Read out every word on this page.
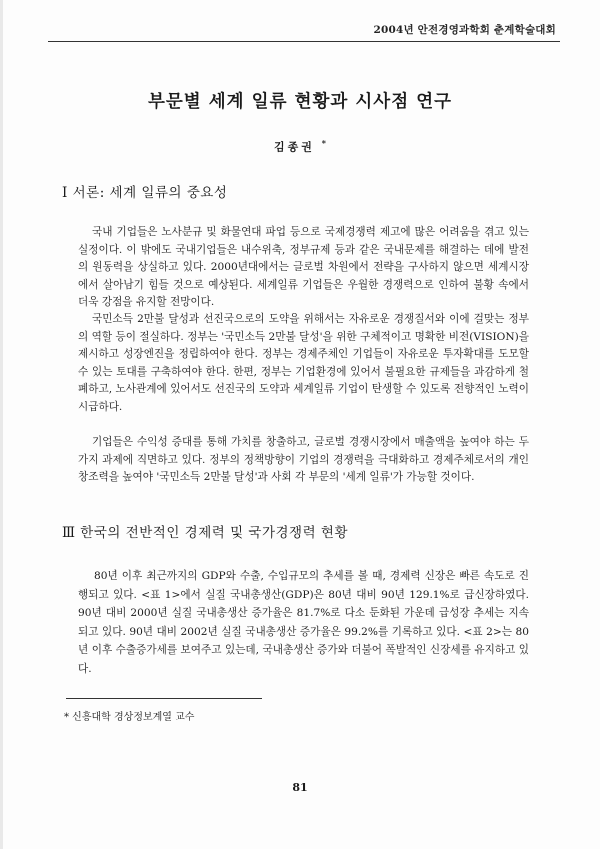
2004년 안전경영과학회 춘계학술대회
부문별 세계 일류 현황과 시사점 연구
김종권 *
Ⅰ 서론: 세계 일류의 중요성

국내 기업들은 노사분규 및 화물연대 파업 등으로 국제경쟁력 제고에 많은 어려움을 겪고 있는 실정이다. 이 밖에도 국내기업들은 내수위축, 정부규제 등과 같은 국내문제를 해결하는 데에 발전의 원동력을 상실하고 있다. 2000년대에서는 글로벌 차원에서 전략을 구사하지 않으면 세계시장에서 살아남기 힘들 것으로 예상된다. 세계일류 기업들은 우월한 경쟁력으로 인하여 불황 속에서 더욱 강점을 유지할 전망이다.

국민소득 2만불 달성과 선진국으로의 도약을 위해서는 자유로운 경쟁질서와 이에 걸맞는 정부의 역할 등이 절실하다. 정부는 '국민소득 2만불 달성'을 위한 구체적이고 명확한 비전(VISION)을 제시하고 성장엔진을 정립하여야 한다. 정부는 경제주체인 기업들이 자유로운 투자확대를 도모할 수 있는 토대를 구축하여야 한다. 한편, 정부는 기업환경에 있어서 불필요한 규제들을 과감하게 철폐하고, 노사관계에 있어서도 선진국의 도약과 세계일류 기업이 탄생할 수 있도록 전향적인 노력이 시급하다.

기업들은 수익성 증대를 통해 가치를 창출하고, 글로벌 경쟁시장에서 매출액을 높여야 하는 두 가지 과제에 직면하고 있다. 정부의 정책방향이 기업의 경쟁력을 극대화하고 경제주체로서의 개인 창조력을 높여야 '국민소득 2만불 달성'과 사회 각 부문의 '세계 일류'가 가능할 것이다.

Ⅲ 한국의 전반적인 경제력 및 국가경쟁력 현황

80년 이후 최근까지의 GDP와 수출, 수입규모의 추세를 볼 때, 경제력 신장은 빠른 속도로 진행되고 있다. <표 1>에서 실질 국내총생산(GDP)은 80년 대비 90년 129.1%로 급신장하였다. 90년 대비 2000년 실질 국내총생산 증가율은 81.7%로 다소 둔화된 가운데 급성장 추세는 지속되고 있다. 90년 대비 2002년 실질 국내총생산 증가율은 99.2%를 기록하고 있다. <표 2>는 80년 이후 수출증가세를 보여주고 있는데, 국내총생산 증가와 더불어 폭발적인 신장세를 유지하고 있다.

* 신흥대학 경상정보계열 교수
81
